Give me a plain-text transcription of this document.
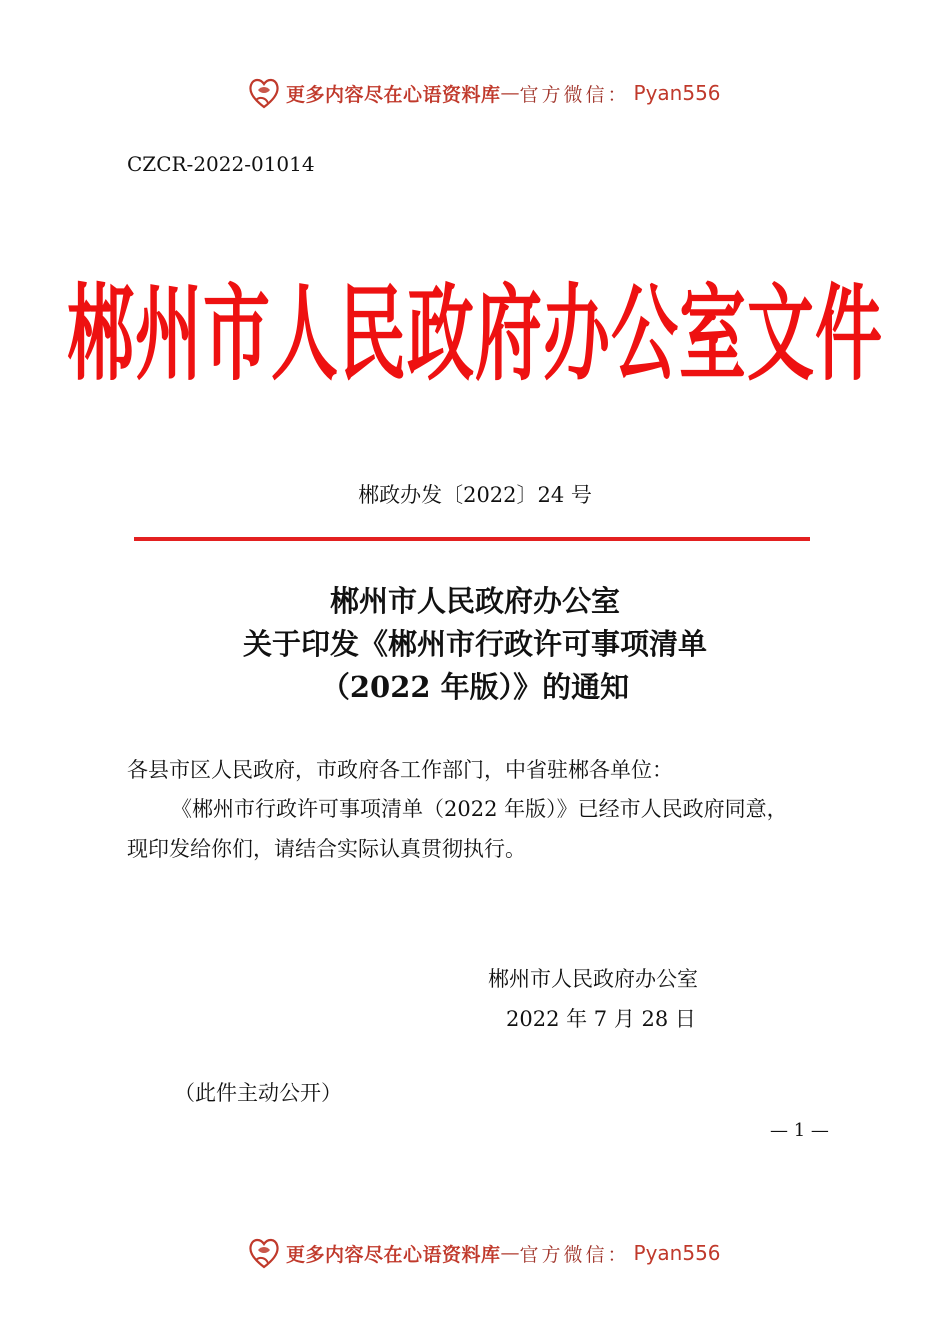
更多内容尽在心语资料库 — 官方微信： Pyan556
CZCR-2022-01014
郴州市人民政府办公室文件
郴政办发〔2022〕24 号
郴州市人民政府办公室
关于印发《郴州市行政许可事项清单
（2022 年版）》的通知
各县市区人民政府，市政府各工作部门，中省驻郴各单位：
《郴州市行政许可事项清单（2022 年版）》已经市人民政府同意，现印发给你们，请结合实际认真贯彻执行。
郴州市人民政府办公室
2022 年 7 月 28 日
（此件主动公开）
— 1 —
更多内容尽在心语资料库 — 官方微信： Pyan556
